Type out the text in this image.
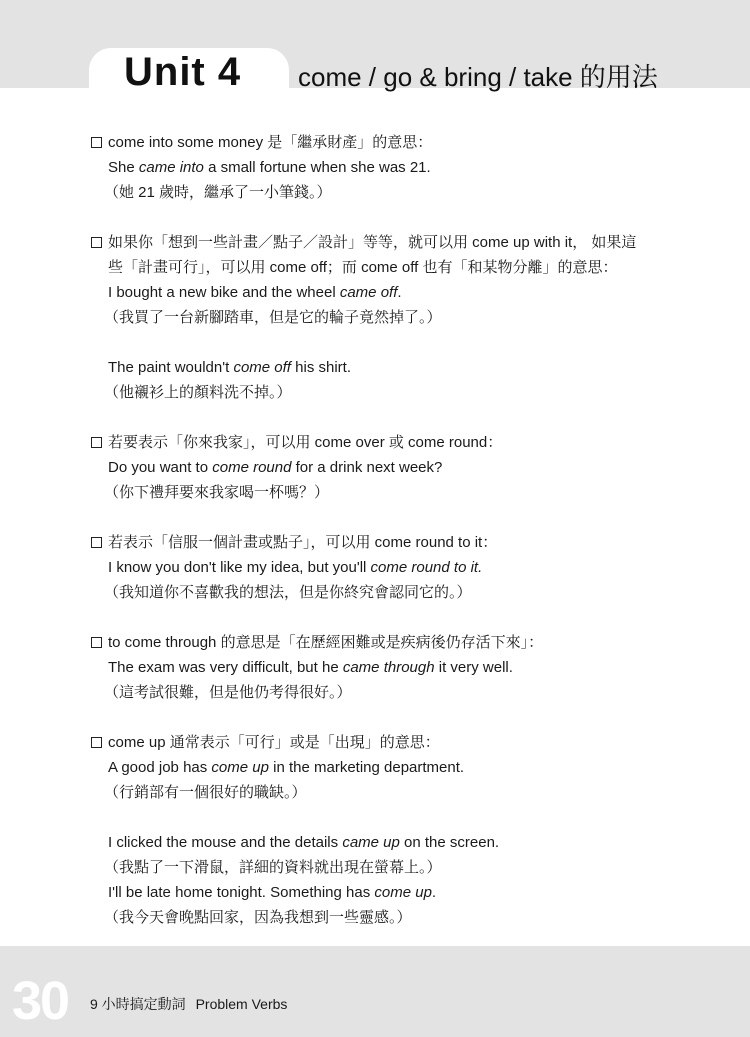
Unit 4 come / go & bring / take 的用法
come into some money 是「繼承財產」的意思：
She came into a small fortune when she was 21.
（她 21 歲時，繼承了一小筆錢。）
如果你「想到一些計畫／點子／設計」等等，就可以用 come up with it， 如果這
些「計畫可行」，可以用 come off；而 come off 也有「和某物分離」的意思：
I bought a new bike and the wheel came off.
（我買了一台新腳踏車，但是它的輪子竟然掉了。）
The paint wouldn't come off his shirt.
（他襯衫上的顏料洗不掉。）
若要表示「你來我家」，可以用 come over 或 come round：
Do you want to come round for a drink next week?
（你下禮拜要來我家喝一杯嗎？）
若表示「信服一個計畫或點子」，可以用 come round to it：
I know you don't like my idea, but you'll come round to it.
（我知道你不喜歡我的想法，但是你終究會認同它的。）
to come through 的意思是「在歷經困難或是疾病後仍存活下來」：
The exam was very difficult, but he came through it very well.
（這考試很難，但是他仍考得很好。）
come up 通常表示「可行」或是「出現」的意思：
A good job has come up in the marketing department.
（行銷部有一個很好的職缺。）
I clicked the mouse and the details came up on the screen.
（我點了一下滑鼠，詳細的資料就出現在螢幕上。）
I'll be late home tonight. Something has come up.
（我今天會晚點回家，因為我想到一些靈感。）
30 9 小時搞定動詞 Problem Verbs
